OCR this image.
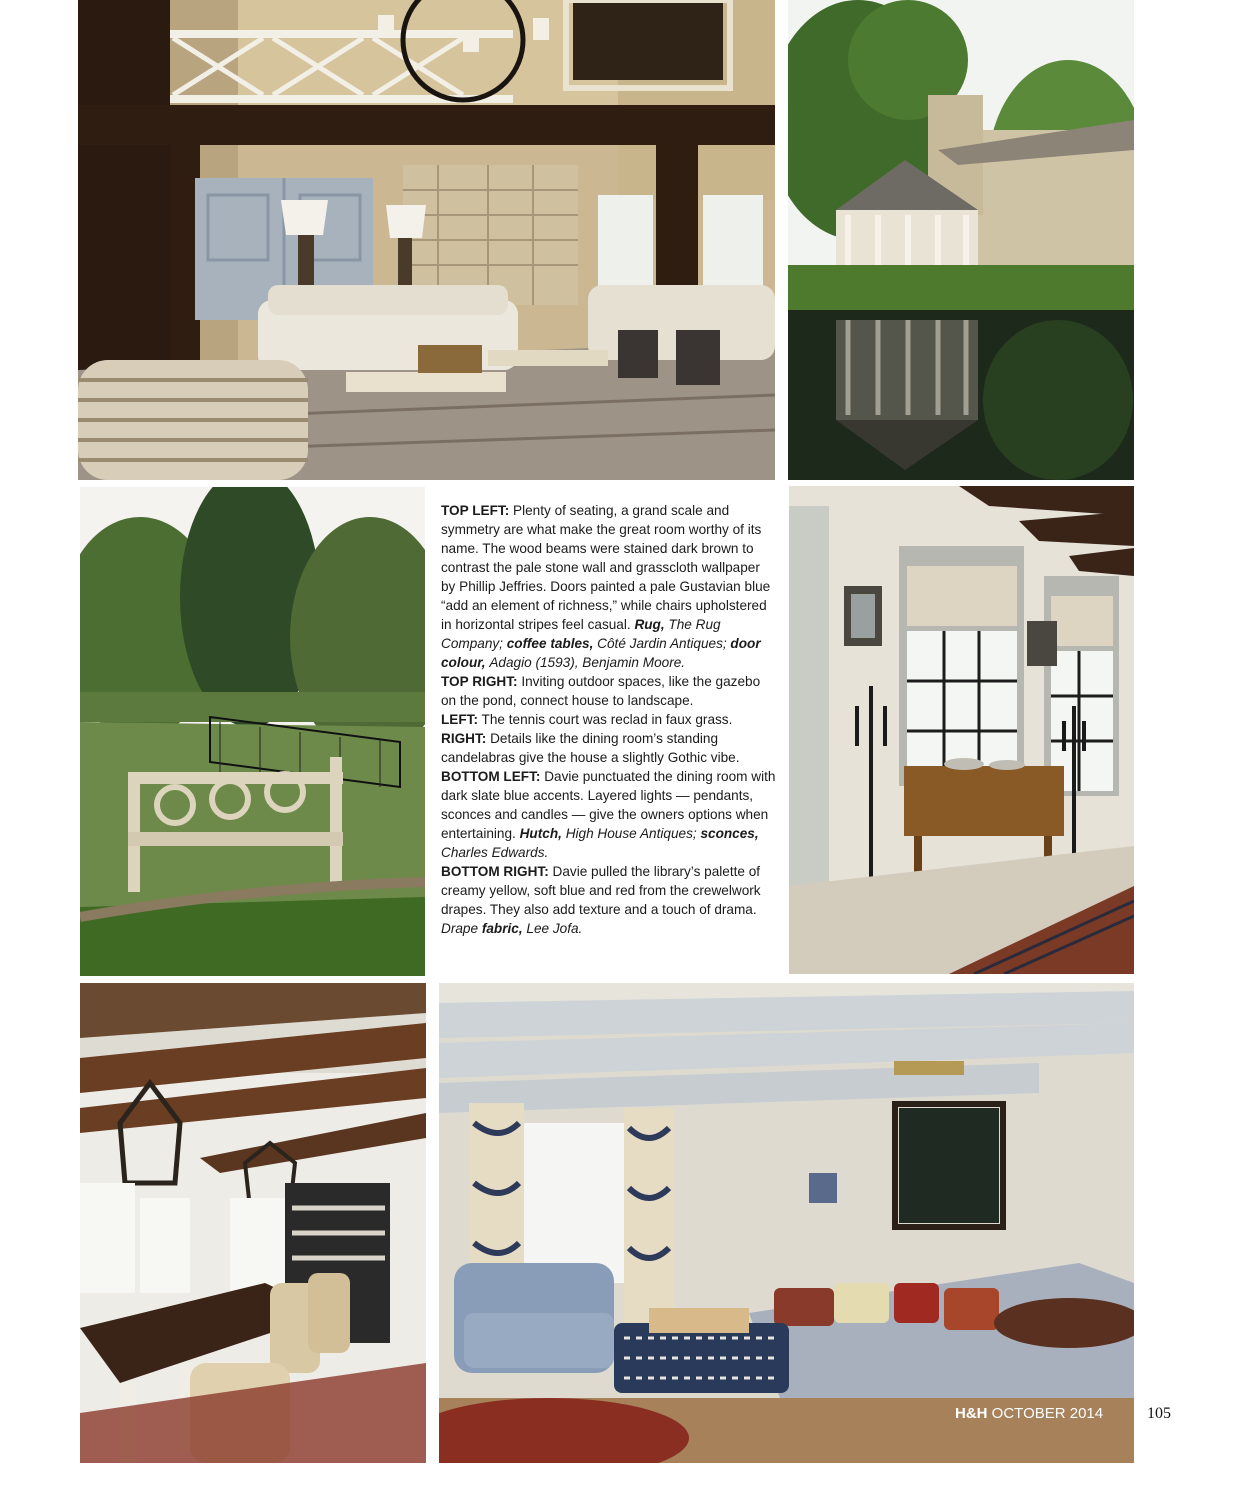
TOP LEFT: Plenty of seating, a grand scale and symmetry are what make the great room worthy of its name. The wood beams were stained dark brown to contrast the pale stone wall and grasscloth wallpaper by Phillip Jeffries. Doors painted a pale Gustavian blue “add an element of richness,” while chairs upholstered in horizontal stripes feel casual. Rug, The Rug Company; coffee tables, Côté Jardin Antiques; door colour, Adagio (1593), Benjamin Moore.

TOP RIGHT: Inviting outdoor spaces, like the gazebo on the pond, connect house to landscape.

LEFT: The tennis court was reclad in faux grass.

RIGHT: Details like the dining room’s standing candelabras give the house a slightly Gothic vibe.

BOTTOM LEFT: Davie punctuated the dining room with dark slate blue accents. Layered lights — pendants, sconces and candles — give the owners options when entertaining. Hutch, High House Antiques; sconces, Charles Edwards.

BOTTOM RIGHT: Davie pulled the library’s palette of creamy yellow, soft blue and red from the crewelwork drapes. They also add texture and a touch of drama. Drape fabric, Lee Jofa.

H&H OCTOBER 2014	105
